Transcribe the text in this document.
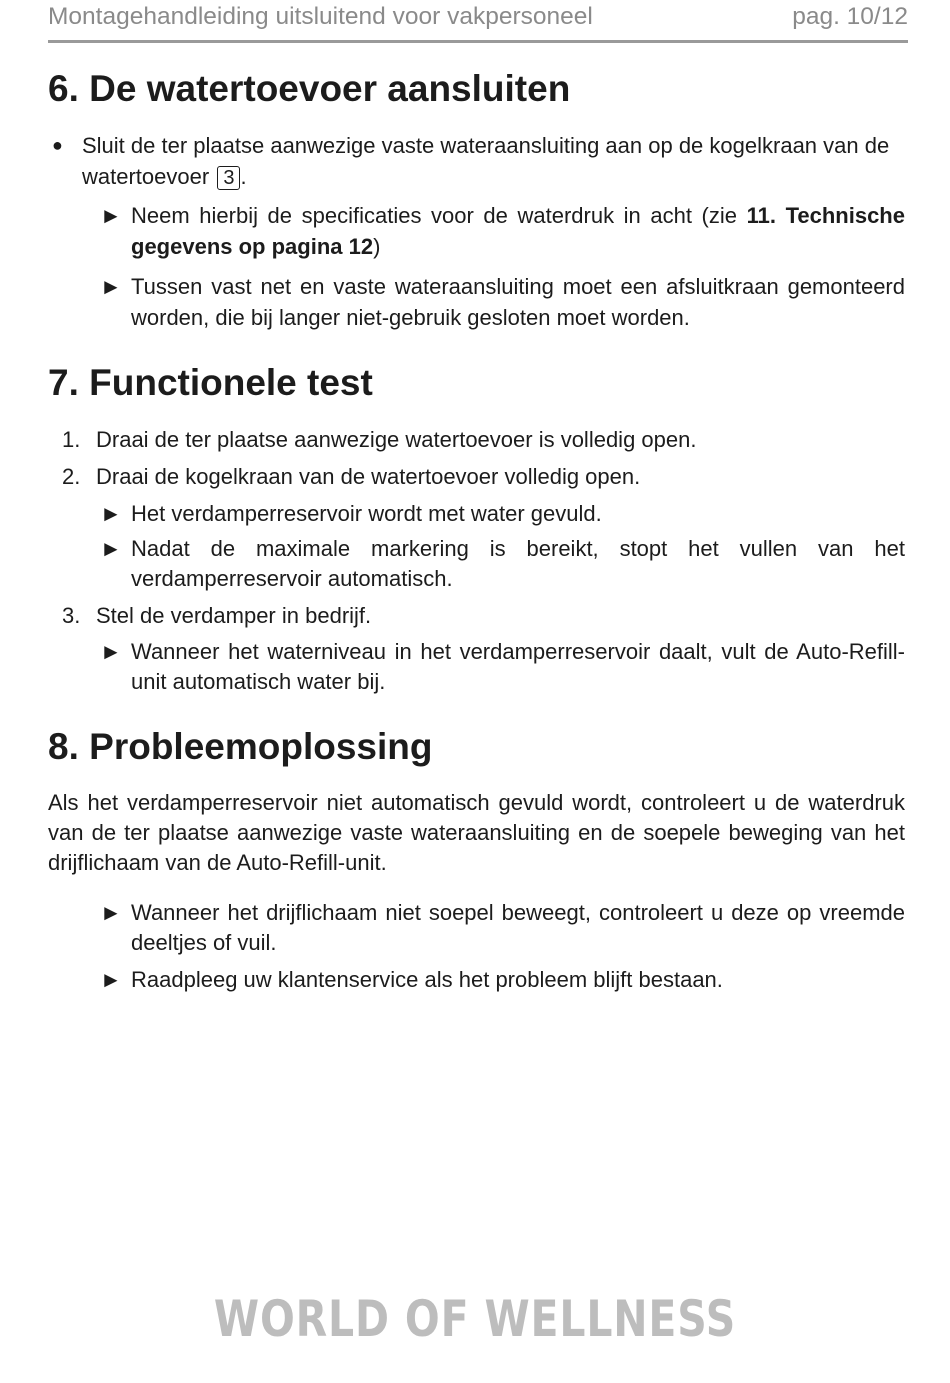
Montagehandleiding uitsluitend voor vakpersoneel	pag. 10/12
6. De watertoevoer aansluiten
● Sluit de ter plaatse aanwezige vaste wateraansluiting aan op de kogelkraan van de watertoevoer 3 .
► Neem hierbij de specificaties voor de waterdruk in acht (zie 11. Technische gegevens op pagina 12)
► Tussen vast net en vaste wateraansluiting moet een afsluitkraan gemonteerd worden, die bij langer niet-gebruik gesloten moet worden.
7. Functionele test
1. Draai de ter plaatse aanwezige watertoevoer is volledig open.
2. Draai de kogelkraan van de watertoevoer volledig open.
► Het verdamperreservoir wordt met water gevuld.
► Nadat de maximale markering is bereikt, stopt het vullen van het verdamperreservoir automatisch.
3. Stel de verdamper in bedrijf.
► Wanneer het waterniveau in het verdamperreservoir daalt, vult de Auto-Refill-unit automatisch water bij.
8. Probleemoplossing
Als het verdamperreservoir niet automatisch gevuld wordt, controleert u de waterdruk van de ter plaatse aanwezige vaste wateraansluiting en de soepele beweging van het drijflichaam van de Auto-Refill-unit.
► Wanneer het drijflichaam niet soepel beweegt, controleert u deze op vreemde deeltjes of vuil.
► Raadpleeg uw klantenservice als het probleem blijft bestaan.
WORLD OF WELLNESS
